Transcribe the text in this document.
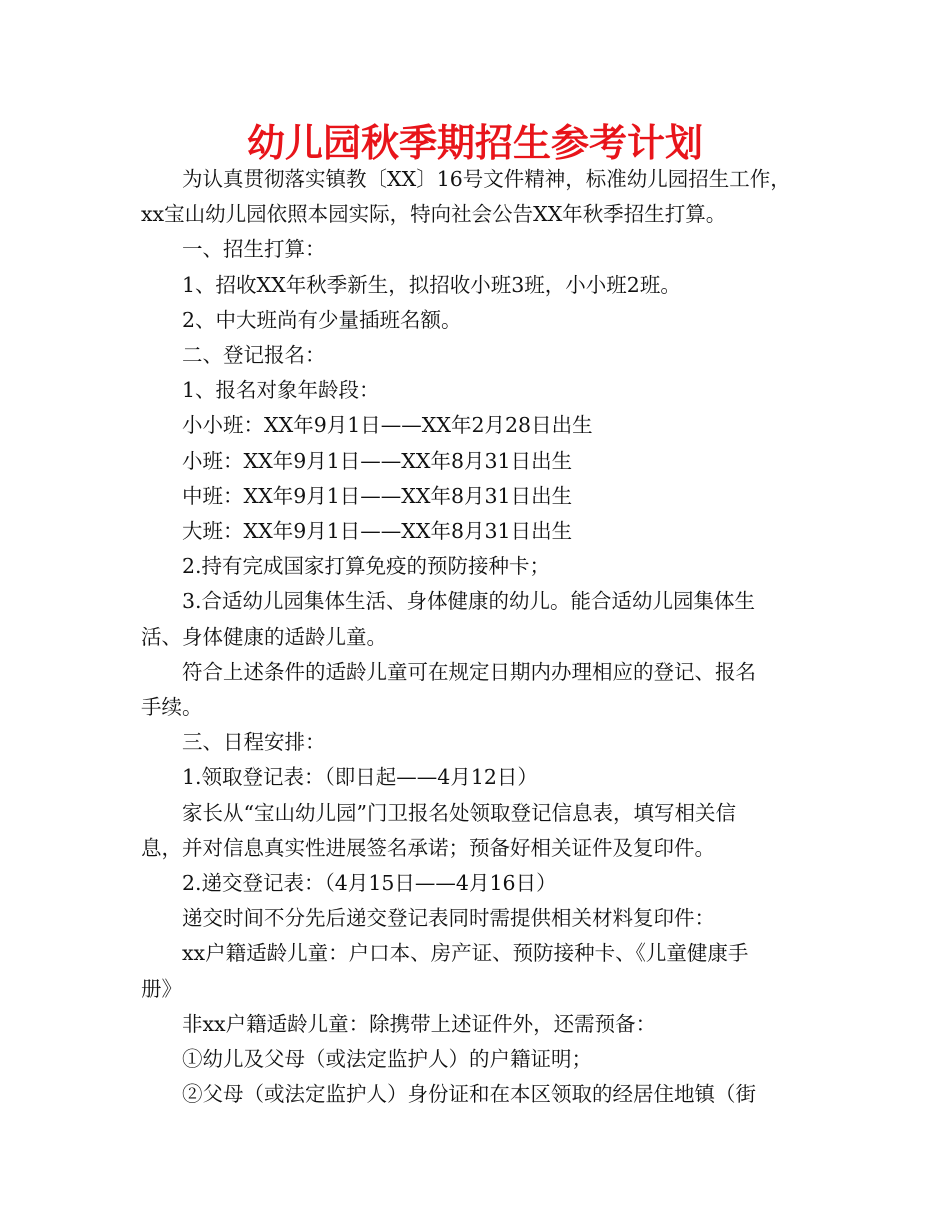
幼儿园秋季期招生参考计划

为认真贯彻落实镇教〔XX〕16号文件精神，标准幼儿园招生工作，
xx宝山幼儿园依照本园实际，特向社会公告XX年秋季招生打算。

一、招生打算：

1、招收XX年秋季新生，拟招收小班3班，小小班2班。

2、中大班尚有少量插班名额。

二、登记报名：

1、报名对象年龄段：

小小班：XX年9月1日——XX年2月28日出生

小班：XX年9月1日——XX年8月31日出生

中班：XX年9月1日——XX年8月31日出生

大班：XX年9月1日——XX年8月31日出生

2.持有完成国家打算免疫的预防接种卡；

3.合适幼儿园集体生活、身体健康的幼儿。能合适幼儿园集体生
活、身体健康的适龄儿童。

符合上述条件的适龄儿童可在规定日期内办理相应的登记、报名
手续。

三、日程安排：

1.领取登记表：（即日起——4月12日）

家长从“宝山幼儿园”门卫报名处领取登记信息表，填写相关信
息，并对信息真实性进展签名承诺；预备好相关证件及复印件。

2.递交登记表：（4月15日——4月16日）

递交时间不分先后递交登记表同时需提供相关材料复印件：

xx户籍适龄儿童：户口本、房产证、预防接种卡、《儿童健康手
册》

非xx户籍适龄儿童：除携带上述证件外，还需预备：

①幼儿及父母（或法定监护人）的户籍证明；

②父母（或法定监护人）身份证和在本区领取的经居住地镇（街
